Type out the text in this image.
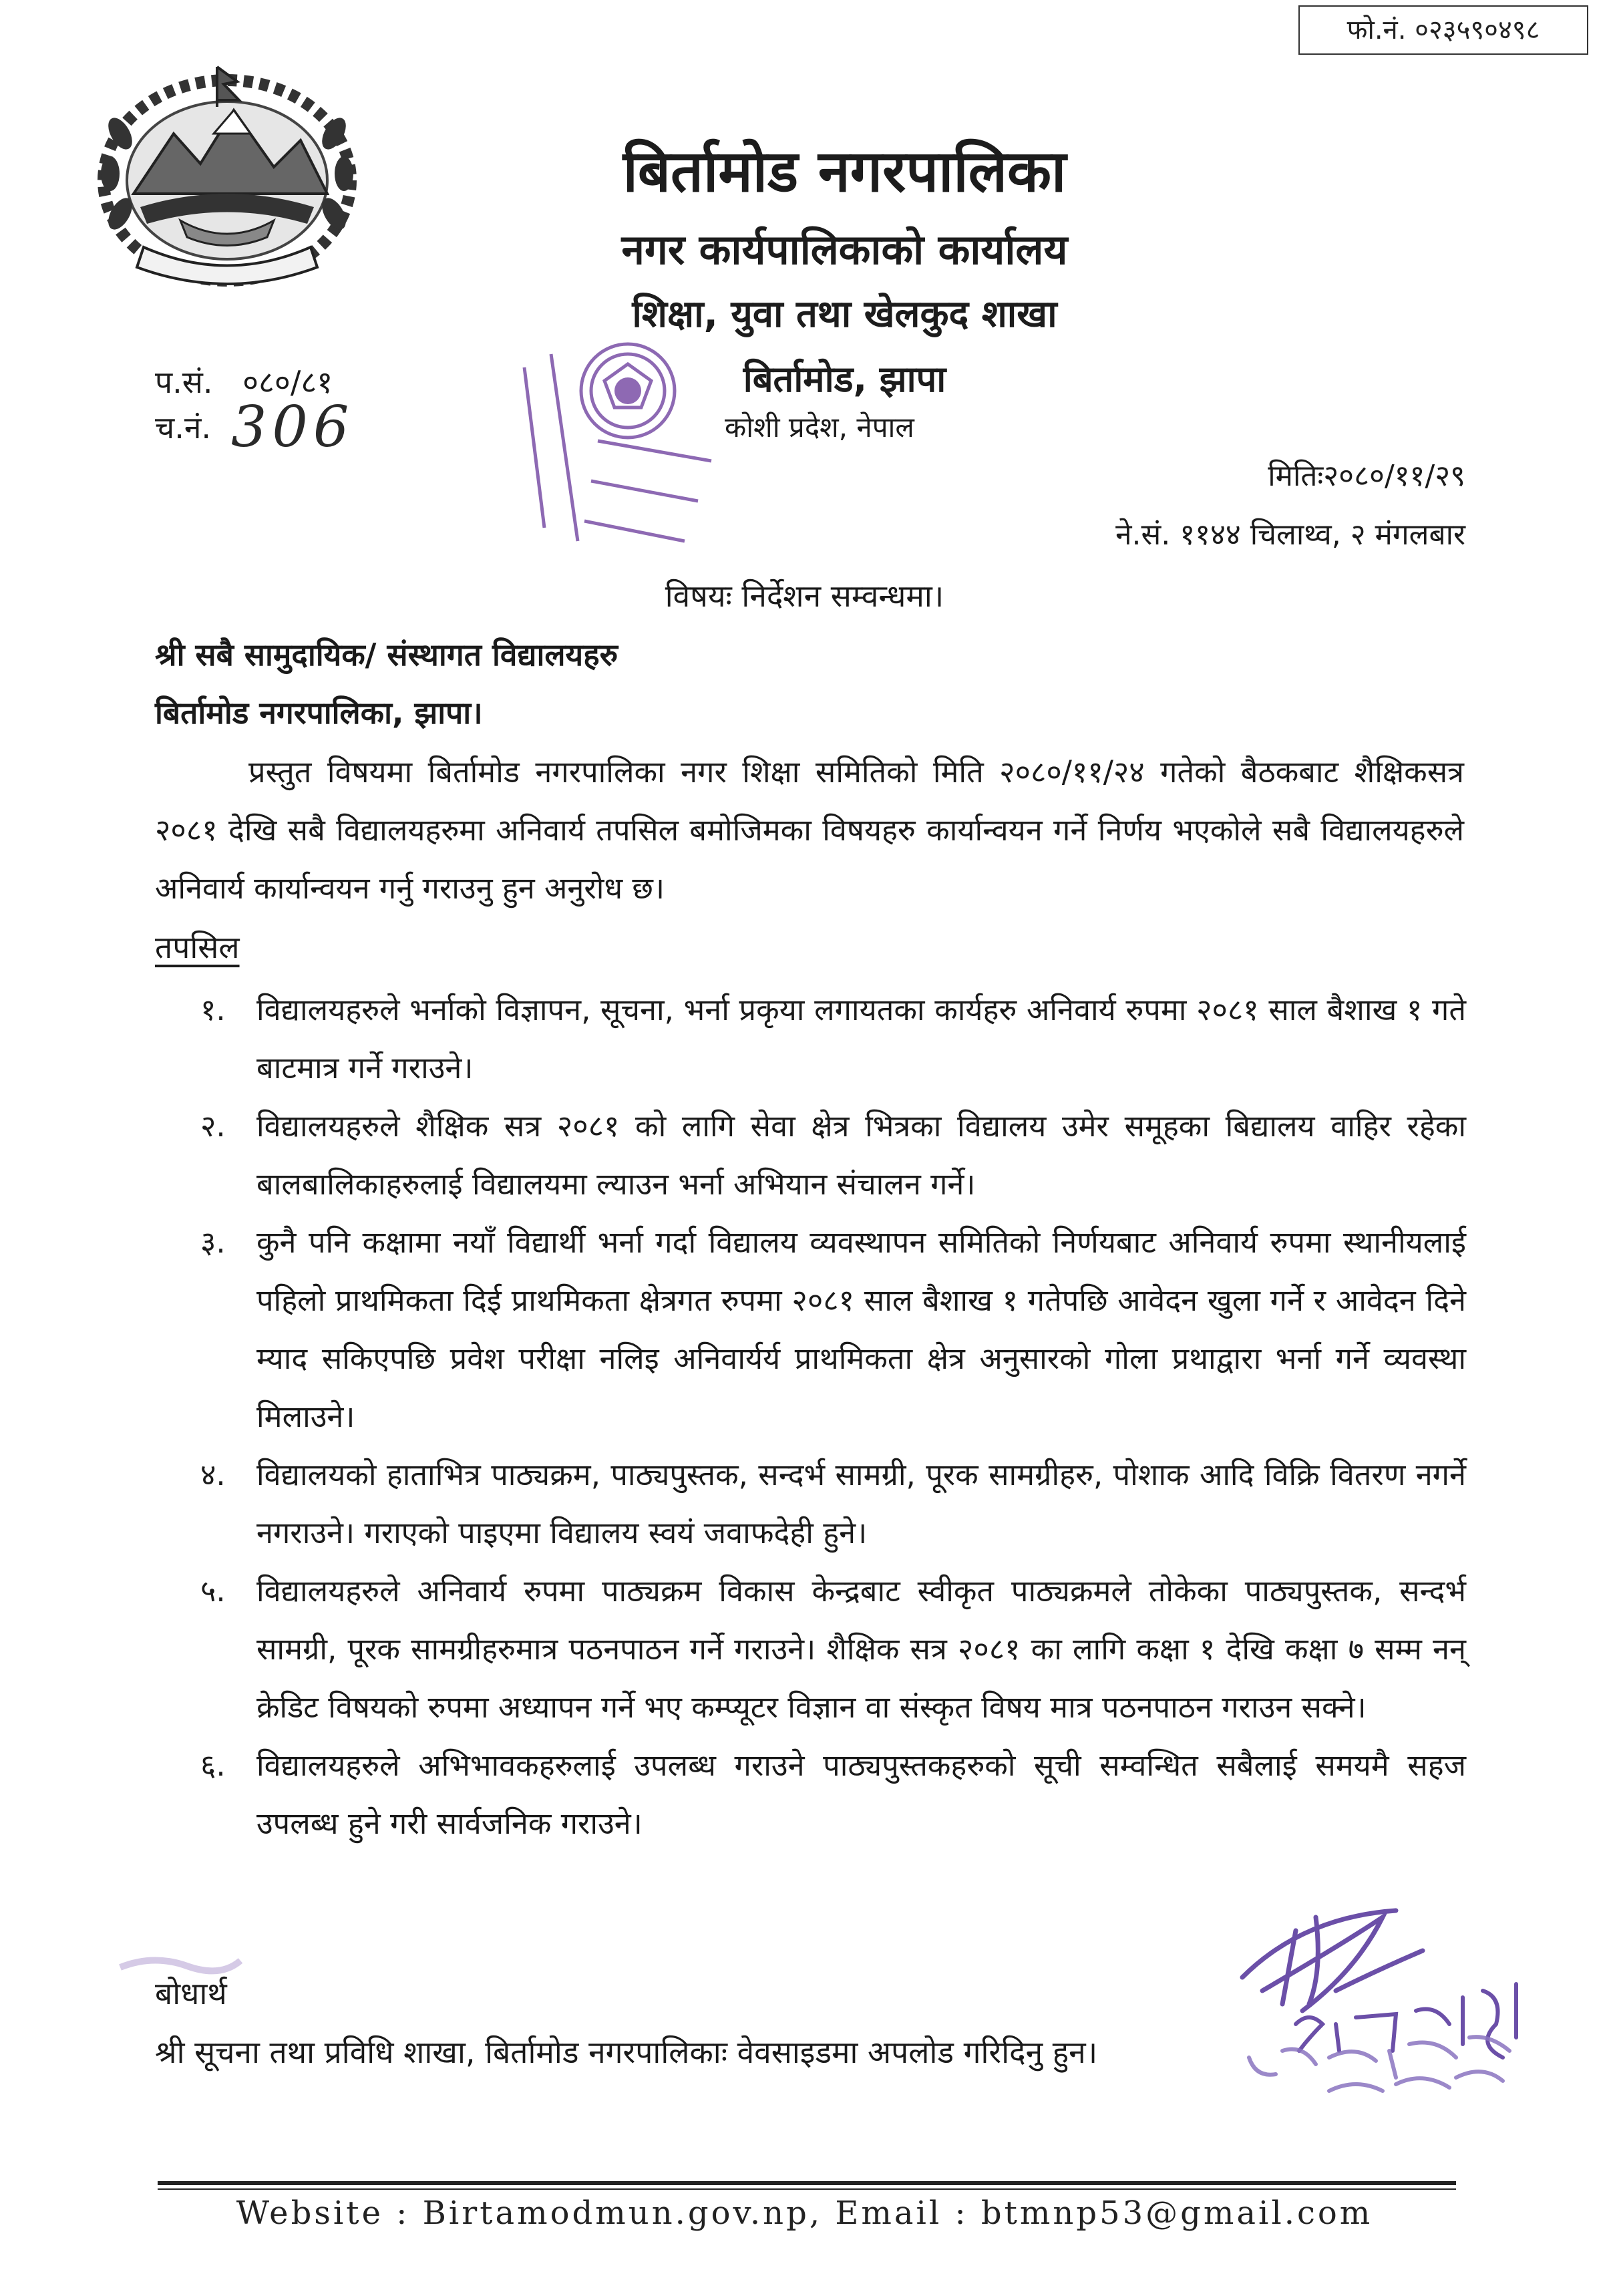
फो.नं. ०२३५९०४९८
बिर्तामोड नगरपालिका
नगर कार्यपालिकाको कार्यालय
शिक्षा, युवा तथा खेलकुद शाखा
बिर्तामोड, झापा
कोशी प्रदेश, नेपाल
प.सं. ०८०/८१
च.नं. 306
मितिः२०८०/११/२९
ने.सं. ११४४ चिलाथ्व, २ मंगलबार
विषयः निर्देशन सम्वन्धमा।
श्री सबै सामुदायिक/ संस्थागत विद्यालयहरु
बिर्तामोड नगरपालिका, झापा।
प्रस्तुत विषयमा बिर्तामोड नगरपालिका नगर शिक्षा समितिको मिति २०८०/११/२४ गतेको बैठकबाट शैक्षिकसत्र २०८१ देखि सबै विद्यालयहरुमा अनिवार्य तपसिल बमोजिमका विषयहरु कार्यान्वयन गर्ने निर्णय भएकोले सबै विद्यालयहरुले अनिवार्य कार्यान्वयन गर्नु गराउनु हुन अनुरोध छ।
तपसिल
१.	विद्यालयहरुले भर्नाको विज्ञापन, सूचना, भर्ना प्रकृया लगायतका कार्यहरु अनिवार्य रुपमा २०८१ साल बैशाख १ गते बाटमात्र गर्ने गराउने।
२.	विद्यालयहरुले शैक्षिक सत्र २०८१ को लागि सेवा क्षेत्र भित्रका विद्यालय उमेर समूहका बिद्यालय वाहिर रहेका बालबालिकाहरुलाई विद्यालयमा ल्याउन भर्ना अभियान संचालन गर्ने।
३.	कुनै पनि कक्षामा नयाँ विद्यार्थी भर्ना गर्दा विद्यालय व्यवस्थापन समितिको निर्णयबाट अनिवार्य रुपमा स्थानीयलाई पहिलो प्राथमिकता दिई प्राथमिकता क्षेत्रगत रुपमा २०८१ साल बैशाख १ गतेपछि आवेदन खुला गर्ने र आवेदन दिने म्याद सकिएपछि प्रवेश परीक्षा नलिइ अनिवार्यर्य प्राथमिकता क्षेत्र अनुसारको गोला प्रथाद्वारा भर्ना गर्ने व्यवस्था मिलाउने।
४.	विद्यालयको हाताभित्र पाठ्यक्रम, पाठ्यपुस्तक, सन्दर्भ सामग्री, पूरक सामग्रीहरु, पोशाक आदि विक्रि वितरण नगर्ने नगराउने। गराएको पाइएमा विद्यालय स्वयं जवाफदेही हुने।
५.	विद्यालयहरुले अनिवार्य रुपमा पाठ्यक्रम विकास केन्द्रबाट स्वीकृत पाठ्यक्रमले तोकेका पाठ्यपुस्तक, सन्दर्भ सामग्री, पूरक सामग्रीहरुमात्र पठनपाठन गर्ने गराउने। शैक्षिक सत्र २०८१ का लागि कक्षा १ देखि कक्षा ७ सम्म नन् क्रेडिट विषयको रुपमा अध्यापन गर्ने भए कम्प्यूटर विज्ञान वा संस्कृत विषय मात्र पठनपाठन गराउन सक्ने।
६.	विद्यालयहरुले अभिभावकहरुलाई उपलब्ध गराउने पाठ्यपुस्तकहरुको सूची सम्वन्धित सबैलाई समयमै सहज उपलब्ध हुने गरी सार्वजनिक गराउने।
बोधार्थ
श्री सूचना तथा प्रविधि शाखा, बिर्तामोड नगरपालिकाः वेवसाइडमा अपलोड गरिदिनु हुन।
Website : Birtamodmun.gov.np, Email : btmnp53@gmail.com
